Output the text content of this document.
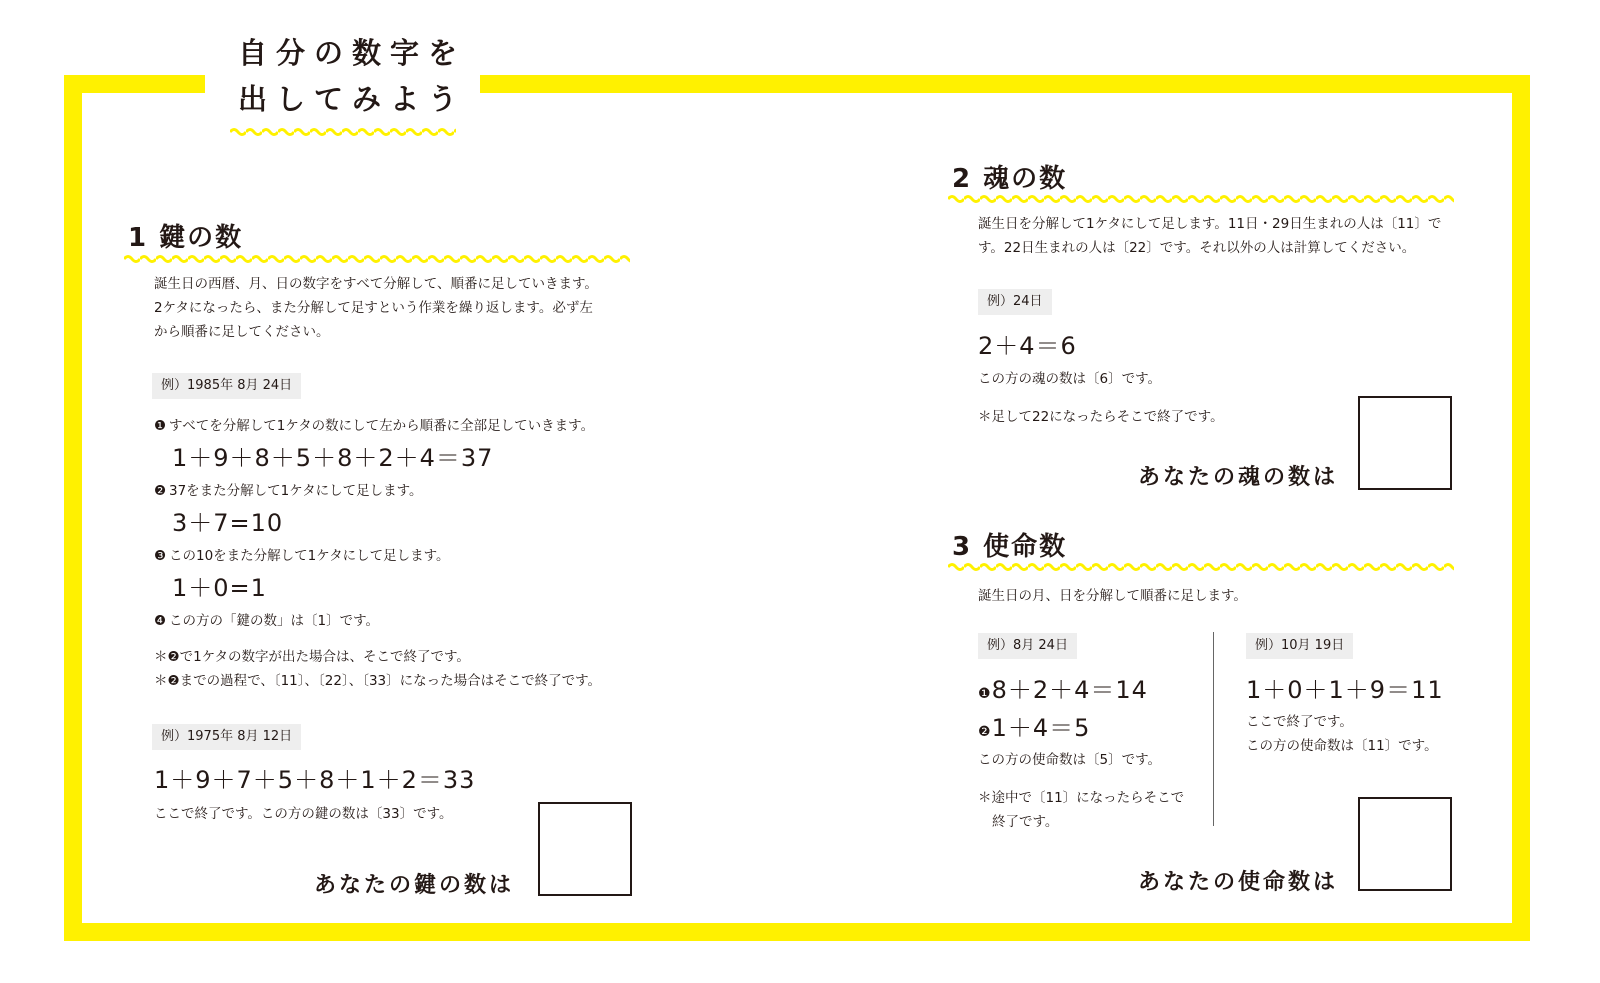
自分の数字を
出してみよう
1 鍵の数
誕生日の西暦、月、日の数字をすべて分解して、順番に足していきます。
2ケタになったら、また分解して足すという作業を繰り返します。必ず左
から順番に足してください。
例）1985年 8月 24日
❶ すべてを分解して1ケタの数にして左から順番に全部足していきます。
1＋9＋8＋5＋8＋2＋4＝37
❷ 37をまた分解して1ケタにして足します。
3＋7=10
❸ この10をまた分解して1ケタにして足します。
1＋0=1
❹ この方の「鍵の数」は〔1〕です。
＊❷で1ケタの数字が出た場合は、そこで終了です。
＊❷までの過程で、〔11〕、〔22〕、〔33〕になった場合はそこで終了です。
例）1975年 8月 12日
1＋9＋7＋5＋8＋1＋2＝33
ここで終了です。この方の鍵の数は〔33〕です。
あなたの鍵の数は
2 魂の数
誕生日を分解して1ケタにして足します。11日・29日生まれの人は〔11〕で
す。22日生まれの人は〔22〕です。それ以外の人は計算してください。
例）24日
2＋4＝6
この方の魂の数は〔6〕です。
＊足して22になったらそこで終了です。
あなたの魂の数は
3 使命数
誕生日の月、日を分解して順番に足します。
例）8月 24日
❶8＋2＋4＝14
❷1＋4＝5
この方の使命数は〔5〕です。
＊途中で〔11〕になったらそこで
終了です。
例）10月 19日
1＋0＋1＋9＝11
ここで終了です。
この方の使命数は〔11〕です。
あなたの使命数は
